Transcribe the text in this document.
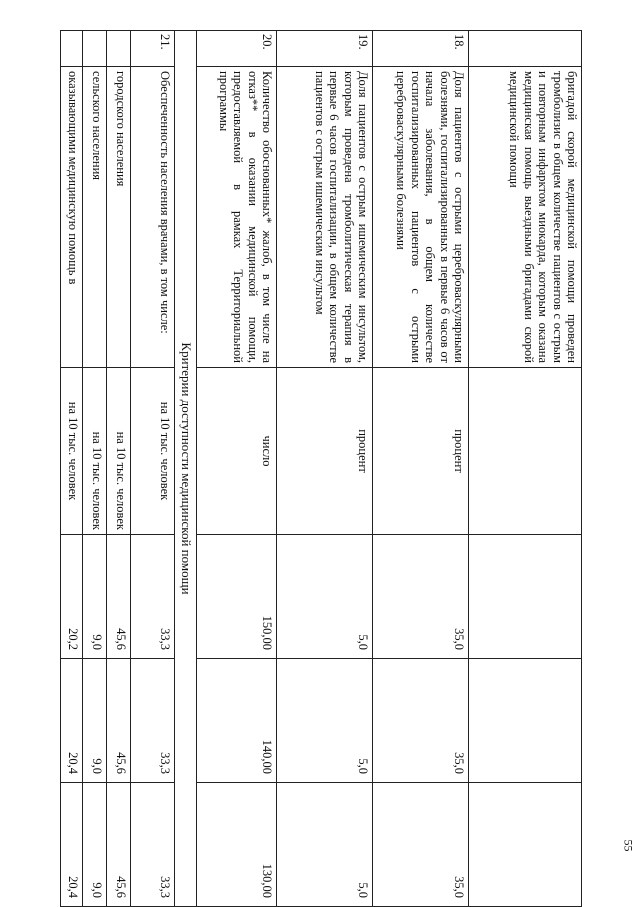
55
	бригадой скорой медицинской помощи проведен тромболизис в общем количестве пациентов с острым и повторным инфарктом миокарда, которым оказана медицинская помощь выездными бригадами скорой медицинской помощи				
18.	Доля пациентов с острыми цереброваскулярными болезнями, госпитализированных в первые 6 часов от начала заболевания, в общем количестве госпитализированных пациентов с острыми цереброваскулярными болезнями	процент	35,0	35,0	35,0
19.	Доля пациентов с острым ишемическим инсультом, которым проведена тромболитическая терапия в первые 6 часов госпитализации, в общем количестве пациентов с острым ишемическим инсультом	процент	5,0	5,0	5,0
20.	Количество обоснованных* жалоб, в том числе на отказ** в оказании медицинской помощи, предоставляемой в рамках Территориальной программы	число	150,00	140,00	130,00
Критерии доступности медицинской помощи					
21.	Обеспеченность населения врачами, в том числе:	на 10 тыс. человек	33,3	33,3	33,3
	городского населения	на 10 тыс. человек	45,6	45,6	45,6
	сельского населения	на 10 тыс. человек	9,0	9,0	9,0
	оказывающими медицинскую помощь в	на 10 тыс. человек	20,2	20,4	20,4
